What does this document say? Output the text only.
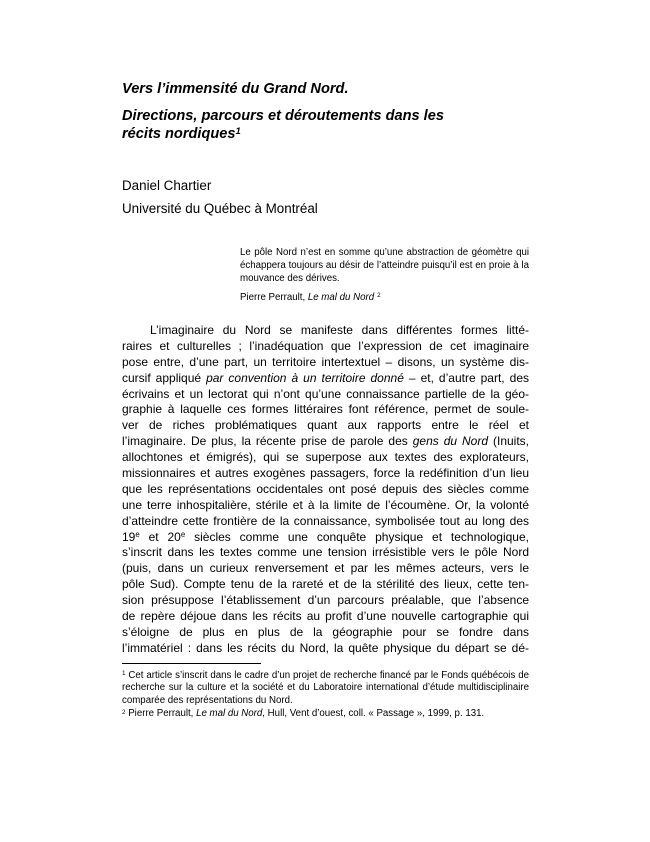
Vers l’immensité du Grand Nord.
Directions, parcours et déroutements dans les
récits nordiques$^1$
Daniel Chartier
Université du Québec à Montréal
Le pôle Nord n’est en somme qu’une abstraction de géomètre qui échappera toujours au désir de l’atteindre puisqu’il est en proie à la mouvance des dérives.
Pierre Perrault, Le mal du Nord $^2$
L’imaginaire du Nord se manifeste dans différentes formes litté-
raires et culturelles ; l’inadéquation que l’expression de cet imaginaire
pose entre, d’une part, un territoire intertextuel – disons, un système dis-
cursif appliqué par convention à un territoire donné – et, d’autre part, des
écrivains et un lectorat qui n’ont qu’une connaissance partielle de la géo-
graphie à laquelle ces formes littéraires font référence, permet de soule-
ver de riches problématiques quant aux rapports entre le réel et
l’imaginaire. De plus, la récente prise de parole des gens du Nord (Inuits,
allochtones et émigrés), qui se superpose aux textes des explorateurs,
missionnaires et autres exogènes passagers, force la redéfinition d’un lieu
que les représentations occidentales ont posé depuis des siècles comme
une terre inhospitalière, stérile et à la limite de l’écoumène. Or, la volonté
d’atteindre cette frontière de la connaissance, symbolisée tout au long des
19e et 20e siècles comme une conquête physique et technologique,
s’inscrit dans les textes comme une tension irrésistible vers le pôle Nord
(puis, dans un curieux renversement et par les mêmes acteurs, vers le
pôle Sud). Compte tenu de la rareté et de la stérilité des lieux, cette ten-
sion présuppose l’établissement d’un parcours préalable, que l’absence
de repère déjoue dans les récits au profit d’une nouvelle cartographie qui
s’éloigne de plus en plus de la géographie pour se fondre dans
l’immatériel : dans les récits du Nord, la quête physique du départ se dé-
$^1$ Cet article s’inscrit dans le cadre d’un projet de recherche financé par le Fonds québécois de recherche sur la culture et la société et du Laboratoire international d’étude multidisciplinaire comparée des représentations du Nord.
$^2$ Pierre Perrault, Le mal du Nord, Hull, Vent d’ouest, coll. « Passage », 1999, p. 131.
